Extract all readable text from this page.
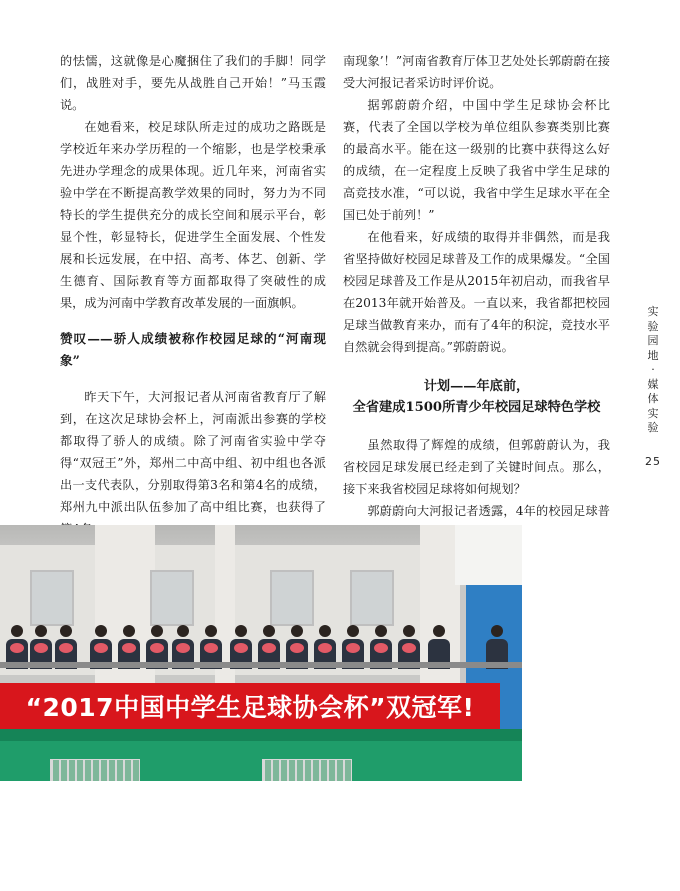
的怯懦，这就像是心魔捆住了我们的手脚！同学们，战胜对手，要先从战胜自己开始！”马玉霞说。

在她看来，校足球队所走过的成功之路既是学校近年来办学历程的一个缩影，也是学校秉承先进办学理念的成果体现。近几年来，河南省实验中学在不断提高教学效果的同时，努力为不同特长的学生提供充分的成长空间和展示平台，彰显个性，彰显特长，促进学生全面发展、个性发展和长远发展，在中招、高考、体艺、创新、学生德育、国际教育等方面都取得了突破性的成果，成为河南中学教育改革发展的一面旗帜。

赞叹——骄人成绩被称作校园足球的“河南现象”

昨天下午，大河报记者从河南省教育厅了解到，在这次足球协会杯上，河南派出参赛的学校都取得了骄人的成绩。除了河南省实验中学夺得“双冠王”外，郑州二中高中组、初中组也各派出一支代表队，分别取得第3名和第4名的成绩，郑州九中派出队伍参加了高中组比赛，也获得了

南现象’！”河南省教育厅体卫艺处处长郭蔚蔚在接受大河报记者采访时评价说。

据郭蔚蔚介绍，中国中学生足球协会杯比赛，代表了全国以学校为单位组队参赛类别比赛的最高水平。能在这一级别的比赛中获得这么好的成绩，在一定程度上反映了我省中学生足球的高竞技水准，“可以说，我省中学生足球水平在全国已处于前列！”

在他看来，好成绩的取得并非偶然，而是我省坚持做好校园足球普及工作的成果爆发。“全国校园足球普及工作是从2015年初启动，而我省早在2013年就开始普及。一直以来，我省都把校园足球当做教育来办，而有了4年的积淀，竞技水平自然就会得到提高。”郭蔚蔚说。

计划——年底前，
全省建成1500所青少年校园足球特色学校

虽然取得了辉煌的成绩，但郭蔚蔚认为，我省校园足球发展已经走到了关键时间点。那么，接下来我省校园足球将如何规划？

郭蔚蔚向大河报记者透露，4年的校园足球普

实
验
园
地
·
媒
体
实
验
25
“2017中国中学生足球协会杯”双冠军!
